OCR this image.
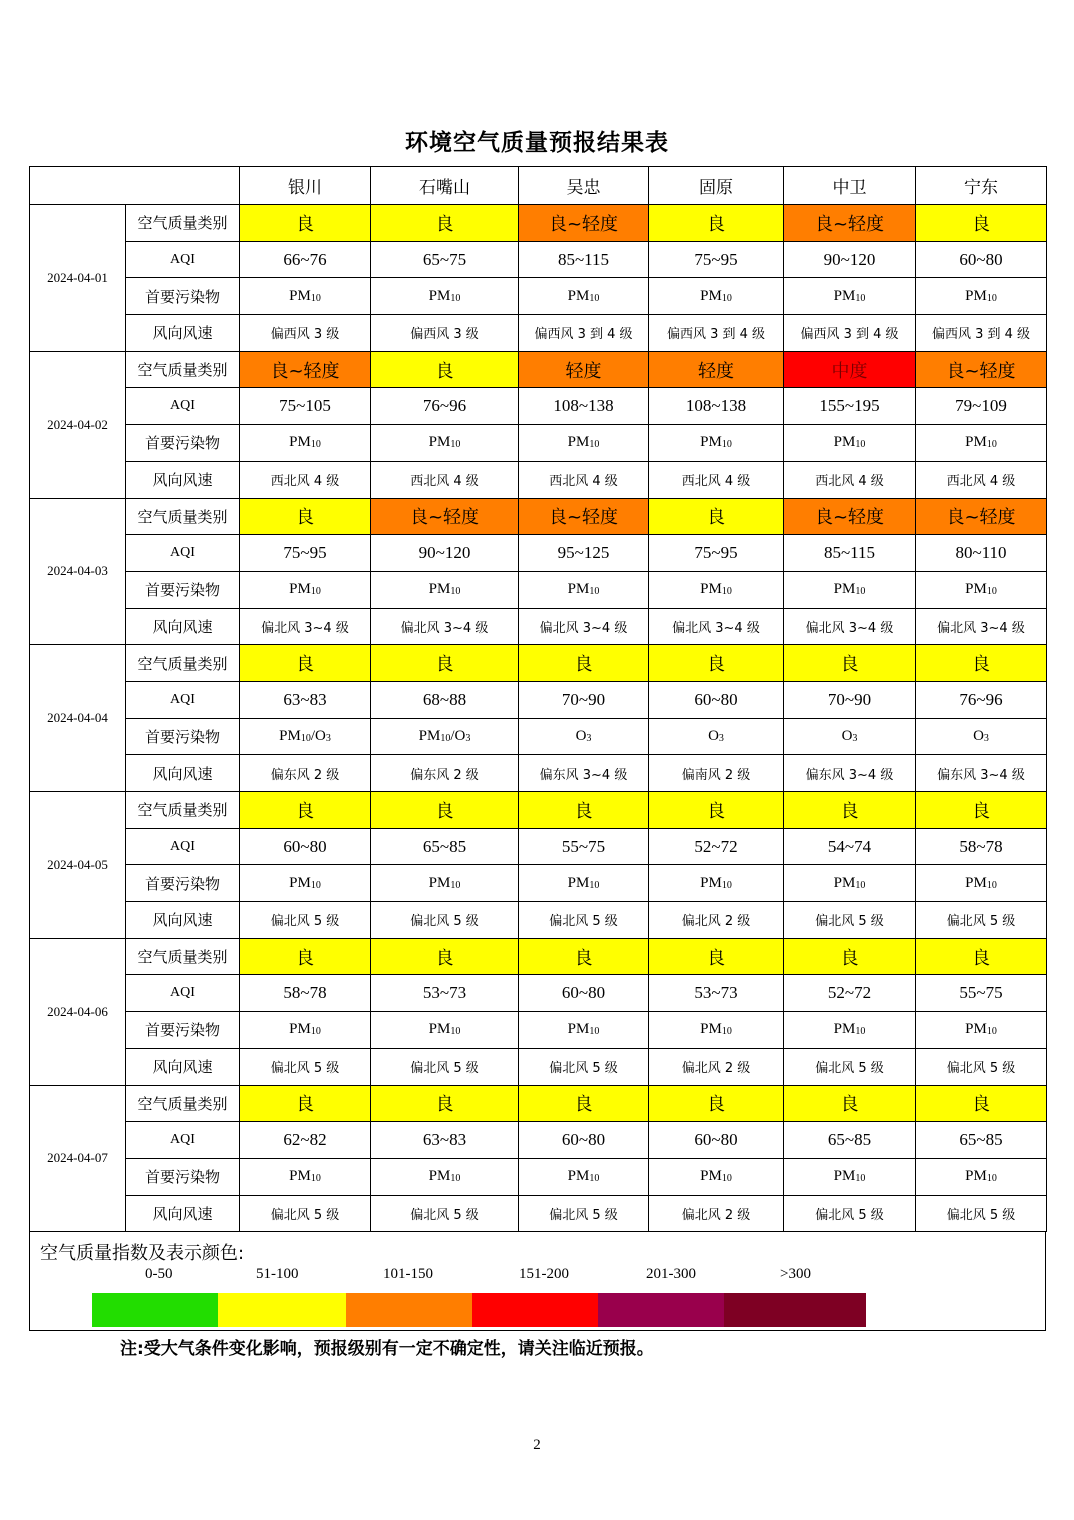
环境空气质量预报结果表
		银川	石嘴山	吴忠	固原	中卫	宁东
2024-04-01	空气质量类别	良	良	良~轻度	良	良~轻度	良
	AQI	66~76	65~75	85~115	75~95	90~120	60~80
	首要污染物	$PM_{10}$	$PM_{10}$	$PM_{10}$	$PM_{10}$	$PM_{10}$	$PM_{10}$
	风向风速	偏西风 3 级	偏西风 3 级	偏西风 3 到 4 级	偏西风 3 到 4 级	偏西风 3 到 4 级	偏西风 3 到 4 级
2024-04-02	空气质量类别	良~轻度	良	轻度	轻度	中度	良~轻度
	AQI	75~105	76~96	108~138	108~138	155~195	79~109
	首要污染物	$PM_{10}$	$PM_{10}$	$PM_{10}$	$PM_{10}$	$PM_{10}$	$PM_{10}$
	风向风速	西北风 4 级	西北风 4 级	西北风 4 级	西北风 4 级	西北风 4 级	西北风 4 级
2024-04-03	空气质量类别	良	良~轻度	良~轻度	良	良~轻度	良~轻度
	AQI	75~95	90~120	95~125	75~95	85~115	80~110
	首要污染物	$PM_{10}$	$PM_{10}$	$PM_{10}$	$PM_{10}$	$PM_{10}$	$PM_{10}$
	风向风速	偏北风 3~4 级	偏北风 3~4 级	偏北风 3~4 级	偏北风 3~4 级	偏北风 3~4 级	偏北风 3~4 级
2024-04-04	空气质量类别	良	良	良	良	良	良
	AQI	63~83	68~88	70~90	60~80	70~90	76~96
	首要污染物	$PM_{10}/O_3$	$PM_{10}/O_3$	$O_3$	$O_3$	$O_3$	$O_3$
	风向风速	偏东风 2 级	偏东风 2 级	偏东风 3~4 级	偏南风 2 级	偏东风 3~4 级	偏东风 3~4 级
2024-04-05	空气质量类别	良	良	良	良	良	良
	AQI	60~80	65~85	55~75	52~72	54~74	58~78
	首要污染物	$PM_{10}$	$PM_{10}$	$PM_{10}$	$PM_{10}$	$PM_{10}$	$PM_{10}$
	风向风速	偏北风 5 级	偏北风 5 级	偏北风 5 级	偏北风 2 级	偏北风 5 级	偏北风 5 级
2024-04-06	空气质量类别	良	良	良	良	良	良
	AQI	58~78	53~73	60~80	53~73	52~72	55~75
	首要污染物	$PM_{10}$	$PM_{10}$	$PM_{10}$	$PM_{10}$	$PM_{10}$	$PM_{10}$
	风向风速	偏北风 5 级	偏北风 5 级	偏北风 5 级	偏北风 2 级	偏北风 5 级	偏北风 5 级
2024-04-07	空气质量类别	良	良	良	良	良	良
	AQI	62~82	63~83	60~80	60~80	65~85	65~85
	首要污染物	$PM_{10}$	$PM_{10}$	$PM_{10}$	$PM_{10}$	$PM_{10}$	$PM_{10}$
	风向风速	偏北风 5 级	偏北风 5 级	偏北风 5 级	偏北风 2 级	偏北风 5 级	偏北风 5 级
空气质量指数及表示颜色:
0-50	51-100	101-150	151-200	201-300	>300
注:受大气条件变化影响，预报级别有一定不确定性，请关注临近预报。
2
